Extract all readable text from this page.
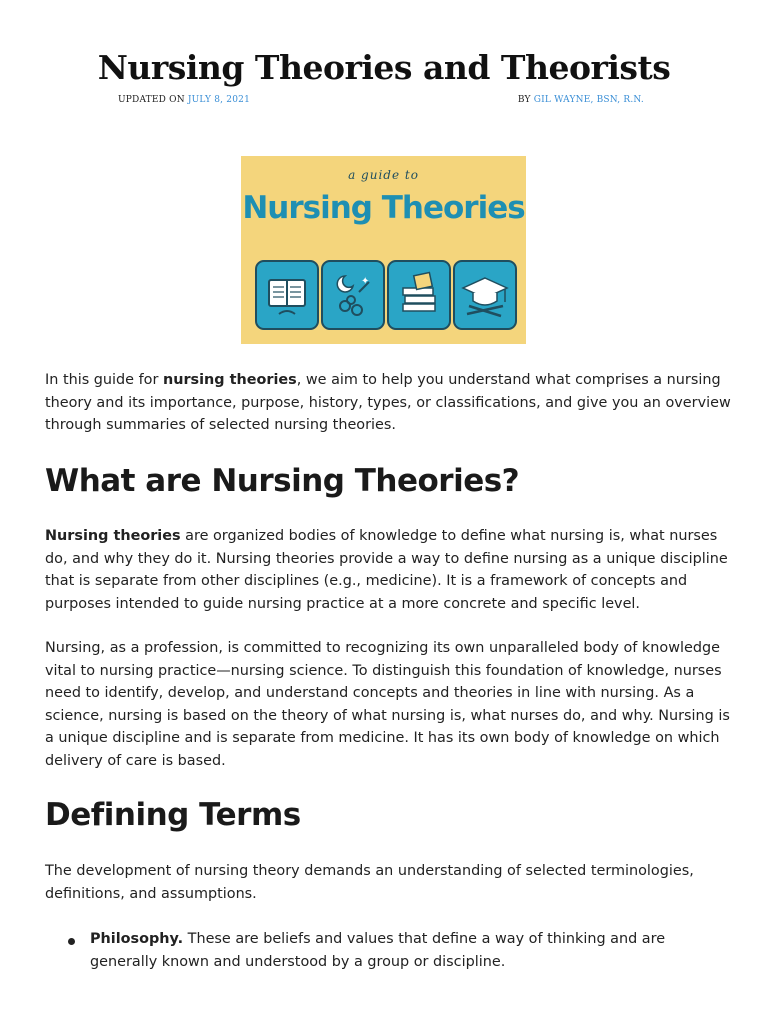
Nursing Theories and Theorists
UPDATED ON JULY 8, 2021	BY GIL WAYNE, BSN, R.N.
a guide to
Nursing Theories
✦

In this guide for nursing theories, we aim to help you understand what comprises a nursing theory and its importance, purpose, history, types, or classifications, and give you an overview through summaries of selected nursing theories.

What are Nursing Theories?

Nursing theories are organized bodies of knowledge to define what nursing is, what nurses do, and why they do it. Nursing theories provide a way to define nursing as a unique discipline that is separate from other disciplines (e.g., medicine). It is a framework of concepts and purposes intended to guide nursing practice at a more concrete and specific level.

Nursing, as a profession, is committed to recognizing its own unparalleled body of knowledge vital to nursing practice—nursing science. To distinguish this foundation of knowledge, nurses need to identify, develop, and understand concepts and theories in line with nursing. As a science, nursing is based on the theory of what nursing is, what nurses do, and why. Nursing is a unique discipline and is separate from medicine. It has its own body of knowledge on which delivery of care is based.

Defining Terms

The development of nursing theory demands an understanding of selected terminologies, definitions, and assumptions.

Philosophy. These are beliefs and values that define a way of thinking and are generally known and understood by a group or discipline.
